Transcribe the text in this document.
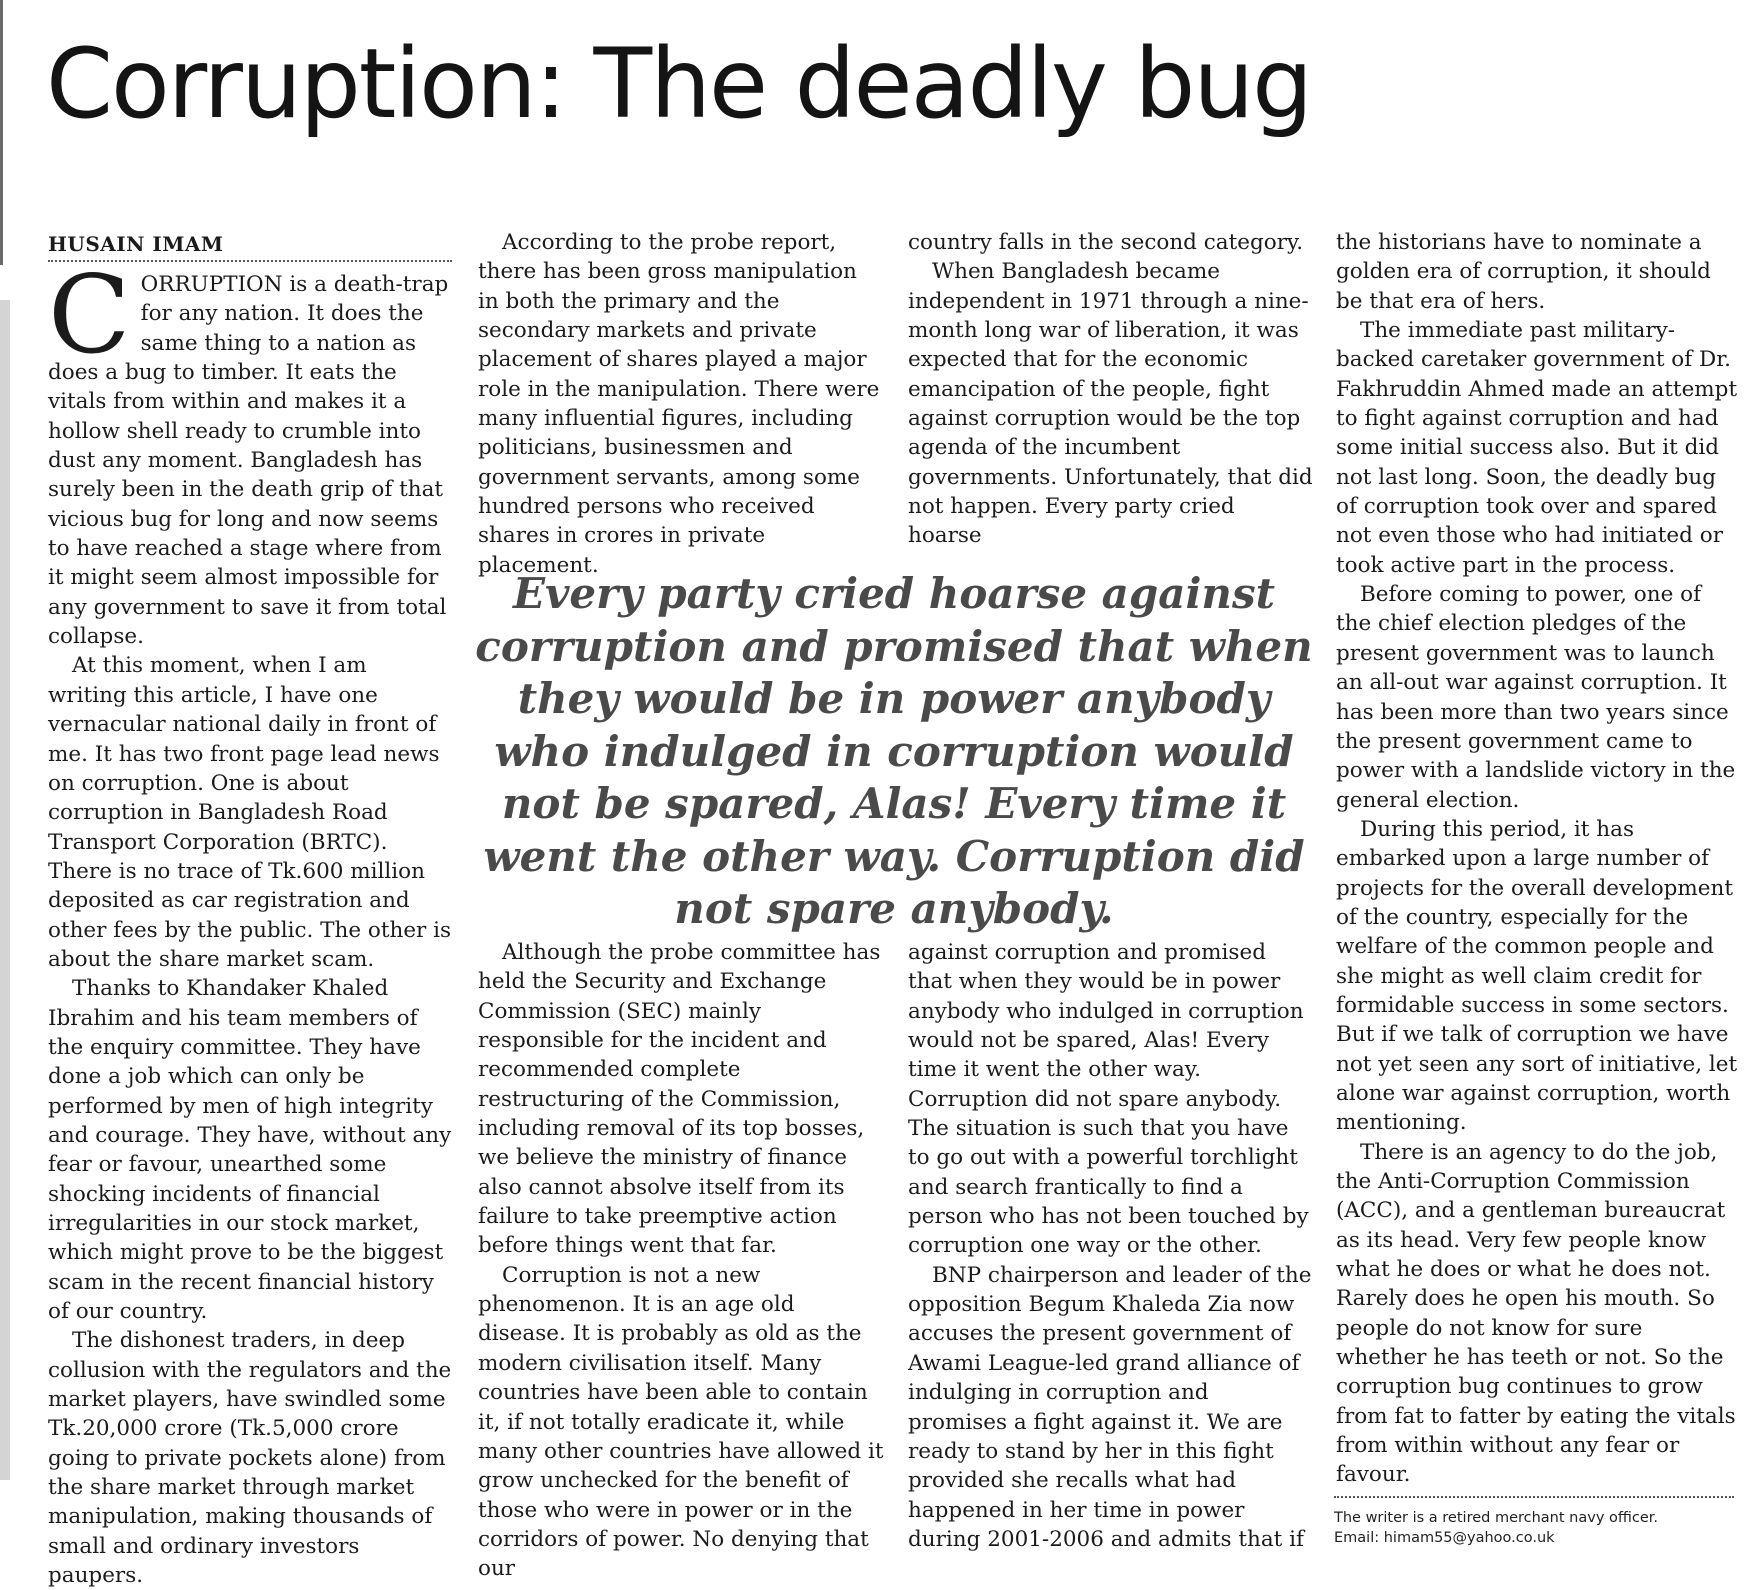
Corruption: The deadly bug
HUSAIN IMAM

CORRUPTION is a death-trap for any nation. It does the same thing to a nation as does a bug to timber. It eats the vitals from within and makes it a hollow shell ready to crumble into dust any moment. Bangladesh has surely been in the death grip of that vicious bug for long and now seems to have reached a stage where from it might seem almost impossible for any government to save it from total collapse.

At this moment, when I am writing this article, I have one vernacular national daily in front of me. It has two front page lead news on corruption. One is about corruption in Bangladesh Road Transport Corporation (BRTC). There is no trace of Tk.600 million deposited as car registration and other fees by the public. The other is about the share market scam.

Thanks to Khandaker Khaled Ibrahim and his team members of the enquiry committee. They have done a job which can only be performed by men of high integrity and courage. They have, without any fear or favour, unearthed some shocking incidents of financial irregularities in our stock market, which might prove to be the biggest scam in the recent financial history of our country.

The dishonest traders, in deep collusion with the regulators and the market players, have swindled some Tk.20,000 crore (Tk.5,000 crore going to private pockets alone) from the share market through market manipulation, making thousands of small and ordinary investors paupers.

According to the probe report, there has been gross manipulation in both the primary and the secondary markets and private placement of shares played a major role in the manipulation. There were many influential figures, including politicians, businessmen and government servants, among some hundred persons who received shares in crores in private placement.

country falls in the second category.

When Bangladesh became independent in 1971 through a nine-month long war of liberation, it was expected that for the economic emancipation of the people, fight against corruption would be the top agenda of the incumbent governments. Unfortunately, that did not happen. Every party cried hoarse

Every party cried hoarse against corruption and promised that when they would be in power anybody who indulged in corruption would not be spared, Alas! Every time it went the other way. Corruption did not spare anybody.

Although the probe committee has held the Security and Exchange Commission (SEC) mainly responsible for the incident and recommended complete restructuring of the Commission, including removal of its top bosses, we believe the ministry of finance also cannot absolve itself from its failure to take preemptive action before things went that far.

Corruption is not a new phenomenon. It is an age old disease. It is probably as old as the modern civilisation itself. Many countries have been able to contain it, if not totally eradicate it, while many other countries have allowed it grow unchecked for the benefit of those who were in power or in the corridors of power. No denying that our

against corruption and promised that when they would be in power anybody who indulged in corruption would not be spared, Alas! Every time it went the other way. Corruption did not spare anybody. The situation is such that you have to go out with a powerful torchlight and search frantically to find a person who has not been touched by corruption one way or the other.

BNP chairperson and leader of the opposition Begum Khaleda Zia now accuses the present government of Awami League-led grand alliance of indulging in corruption and promises a fight against it. We are ready to stand by her in this fight provided she recalls what had happened in her time in power during 2001-2006 and admits that if

the historians have to nominate a golden era of corruption, it should be that era of hers.

The immediate past military-backed caretaker government of Dr. Fakhruddin Ahmed made an attempt to fight against corruption and had some initial success also. But it did not last long. Soon, the deadly bug of corruption took over and spared not even those who had initiated or took active part in the process.

Before coming to power, one of the chief election pledges of the present government was to launch an all-out war against corruption. It has been more than two years since the present government came to power with a landslide victory in the general election.

During this period, it has embarked upon a large number of projects for the overall development of the country, especially for the welfare of the common people and she might as well claim credit for formidable success in some sectors. But if we talk of corruption we have not yet seen any sort of initiative, let alone war against corruption, worth mentioning.

There is an agency to do the job, the Anti-Corruption Commission (ACC), and a gentleman bureaucrat as its head. Very few people know what he does or what he does not. Rarely does he open his mouth. So people do not know for sure whether he has teeth or not. So the corruption bug continues to grow from fat to fatter by eating the vitals from within without any fear or favour.

The writer is a retired merchant navy officer.
Email: himam55@yahoo.co.uk
